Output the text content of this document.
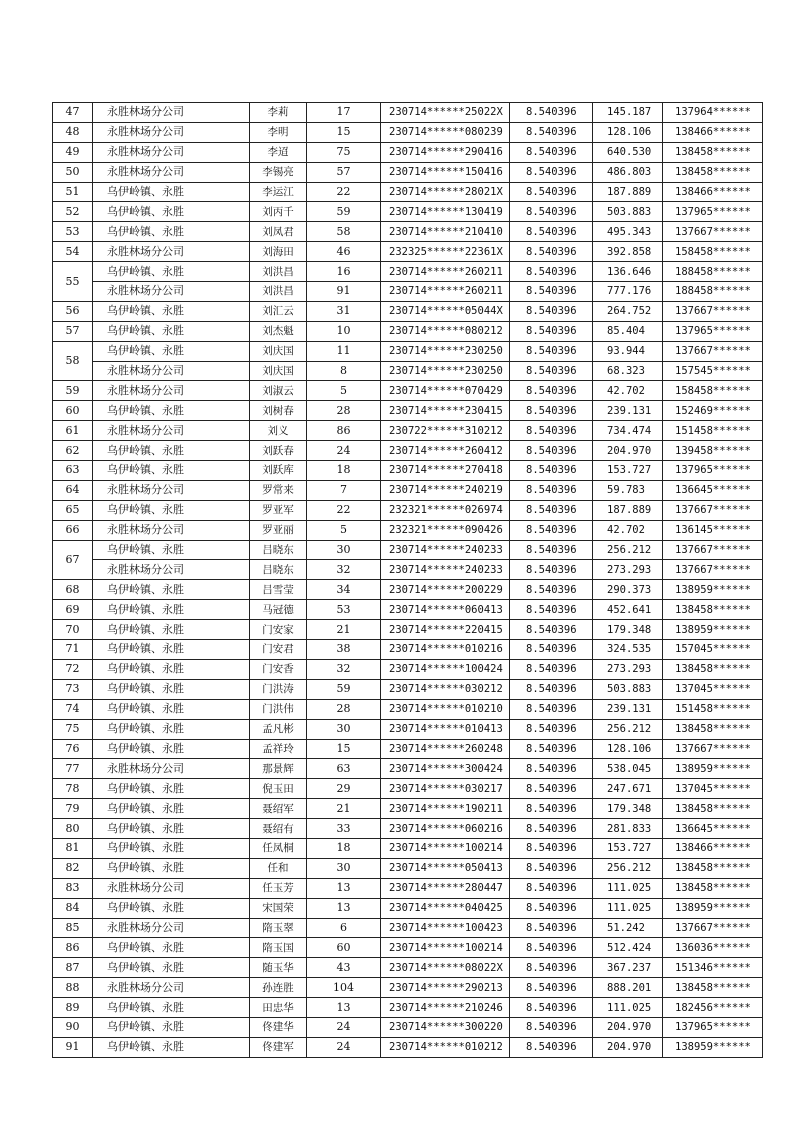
47	永胜林场分公司	李莉	17	230714******25022X	8.540396	145.187	137964******
48	永胜林场分公司	李明	15	230714******080239	8.540396	128.106	138466******
49	永胜林场分公司	李迢	75	230714******290416	8.540396	640.530	138458******
50	永胜林场分公司	李锡亮	57	230714******150416	8.540396	486.803	138458******
51	乌伊岭镇、永胜	李运江	22	230714******28021X	8.540396	187.889	138466******
52	乌伊岭镇、永胜	刘丙千	59	230714******130419	8.540396	503.883	137965******
53	乌伊岭镇、永胜	刘凤君	58	230714******210410	8.540396	495.343	137667******
54	永胜林场分公司	刘海田	46	232325******22361X	8.540396	392.858	158458******
55	乌伊岭镇、永胜	刘洪昌	16	230714******260211	8.540396	136.646	188458******
	永胜林场分公司	刘洪昌	91	230714******260211	8.540396	777.176	188458******
56	乌伊岭镇、永胜	刘汇云	31	230714******05044X	8.540396	264.752	137667******
57	乌伊岭镇、永胜	刘杰魁	10	230714******080212	8.540396	85.404	137965******
58	乌伊岭镇、永胜	刘庆国	11	230714******230250	8.540396	93.944	137667******
	永胜林场分公司	刘庆国	8	230714******230250	8.540396	68.323	157545******
59	永胜林场分公司	刘淑云	5	230714******070429	8.540396	42.702	158458******
60	乌伊岭镇、永胜	刘树春	28	230714******230415	8.540396	239.131	152469******
61	永胜林场分公司	刘义	86	230722******310212	8.540396	734.474	151458******
62	乌伊岭镇、永胜	刘跃春	24	230714******260412	8.540396	204.970	139458******
63	乌伊岭镇、永胜	刘跃库	18	230714******270418	8.540396	153.727	137965******
64	永胜林场分公司	罗常来	7	230714******240219	8.540396	59.783	136645******
65	乌伊岭镇、永胜	罗亚军	22	232321******026974	8.540396	187.889	137667******
66	永胜林场分公司	罗亚丽	5	232321******090426	8.540396	42.702	136145******
67	乌伊岭镇、永胜	吕晓东	30	230714******240233	8.540396	256.212	137667******
	永胜林场分公司	吕晓东	32	230714******240233	8.540396	273.293	137667******
68	乌伊岭镇、永胜	吕雪莹	34	230714******200229	8.540396	290.373	138959******
69	乌伊岭镇、永胜	马冠德	53	230714******060413	8.540396	452.641	138458******
70	乌伊岭镇、永胜	门安家	21	230714******220415	8.540396	179.348	138959******
71	乌伊岭镇、永胜	门安君	38	230714******010216	8.540396	324.535	157045******
72	乌伊岭镇、永胜	门安香	32	230714******100424	8.540396	273.293	138458******
73	乌伊岭镇、永胜	门洪涛	59	230714******030212	8.540396	503.883	137045******
74	乌伊岭镇、永胜	门洪伟	28	230714******010210	8.540396	239.131	151458******
75	乌伊岭镇、永胜	孟凡彬	30	230714******010413	8.540396	256.212	138458******
76	乌伊岭镇、永胜	孟祥玲	15	230714******260248	8.540396	128.106	137667******
77	永胜林场分公司	那景辉	63	230714******300424	8.540396	538.045	138959******
78	乌伊岭镇、永胜	倪玉田	29	230714******030217	8.540396	247.671	137045******
79	乌伊岭镇、永胜	聂绍军	21	230714******190211	8.540396	179.348	138458******
80	乌伊岭镇、永胜	聂绍有	33	230714******060216	8.540396	281.833	136645******
81	乌伊岭镇、永胜	任凤桐	18	230714******100214	8.540396	153.727	138466******
82	乌伊岭镇、永胜	任和	30	230714******050413	8.540396	256.212	138458******
83	永胜林场分公司	任玉芳	13	230714******280447	8.540396	111.025	138458******
84	乌伊岭镇、永胜	宋国荣	13	230714******040425	8.540396	111.025	138959******
85	永胜林场分公司	隋玉翠	6	230714******100423	8.540396	51.242	137667******
86	乌伊岭镇、永胜	隋玉国	60	230714******100214	8.540396	512.424	136036******
87	乌伊岭镇、永胜	随玉华	43	230714******08022X	8.540396	367.237	151346******
88	永胜林场分公司	孙连胜	104	230714******290213	8.540396	888.201	138458******
89	乌伊岭镇、永胜	田忠华	13	230714******210246	8.540396	111.025	182456******
90	乌伊岭镇、永胜	佟建华	24	230714******300220	8.540396	204.970	137965******
91	乌伊岭镇、永胜	佟建军	24	230714******010212	8.540396	204.970	138959******
